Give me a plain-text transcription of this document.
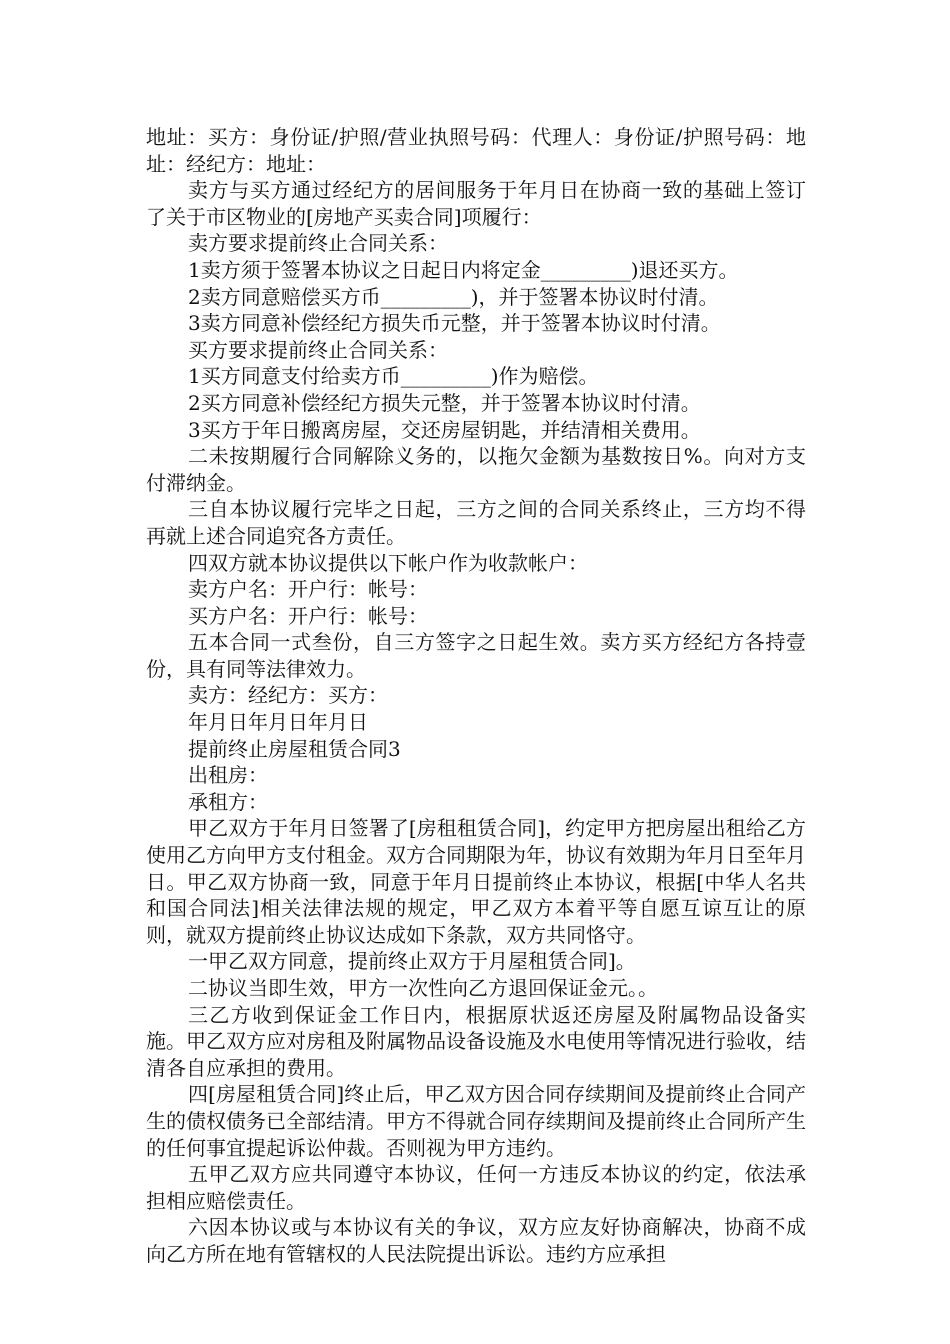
地址：买方：身份证/护照/营业执照号码：代理人：身份证/护照号码：地址：经纪方：地址：

卖方与买方通过经纪方的居间服务于年月日在协商一致的基础上签订了关于市区物业的[房地产买卖合同]项履行：

卖方要求提前终止合同关系：

1卖方须于签署本协议之日起日内将定金_________)退还买方。

2卖方同意赔偿买方币_________)，并于签署本协议时付清。

3卖方同意补偿经纪方损失币元整，并于签署本协议时付清。

买方要求提前终止合同关系：

1买方同意支付给卖方币_________)作为赔偿。

2买方同意补偿经纪方损失元整，并于签署本协议时付清。

3买方于年日搬离房屋，交还房屋钥匙，并结清相关费用。

二未按期履行合同解除义务的，以拖欠金额为基数按日%。向对方支付滞纳金。

三自本协议履行完毕之日起，三方之间的合同关系终止，三方均不得再就上述合同追究各方责任。

四双方就本协议提供以下帐户作为收款帐户：

卖方户名：开户行：帐号：

买方户名：开户行：帐号：

五本合同一式叁份，自三方签字之日起生效。卖方买方经纪方各持壹份，具有同等法律效力。

卖方：经纪方：买方：

年月日年月日年月日

提前终止房屋租赁合同3

出租房：

承租方：

甲乙双方于年月日签署了[房租租赁合同]，约定甲方把房屋出租给乙方使用乙方向甲方支付租金。双方合同期限为年，协议有效期为年月日至年月日。甲乙双方协商一致，同意于年月日提前终止本协议，根据[中华人名共和国合同法]相关法律法规的规定，甲乙双方本着平等自愿互谅互让的原则，就双方提前终止协议达成如下条款，双方共同恪守。

一甲乙双方同意，提前终止双方于月屋租赁合同]。

二协议当即生效，甲方一次性向乙方退回保证金元。。

三乙方收到保证金工作日内，根据原状返还房屋及附属物品设备实施。甲乙双方应对房租及附属物品设备设施及水电使用等情况进行验收，结清各自应承担的费用。

四[房屋租赁合同]终止后，甲乙双方因合同存续期间及提前终止合同产生的债权债务已全部结清。甲方不得就合同存续期间及提前终止合同所产生的任何事宜提起诉讼仲裁。否则视为甲方违约。

五甲乙双方应共同遵守本协议，任何一方违反本协议的约定，依法承担相应赔偿责任。

六因本协议或与本协议有关的争议，双方应友好协商解决，协商不成向乙方所在地有管辖权的人民法院提出诉讼。违约方应承担
